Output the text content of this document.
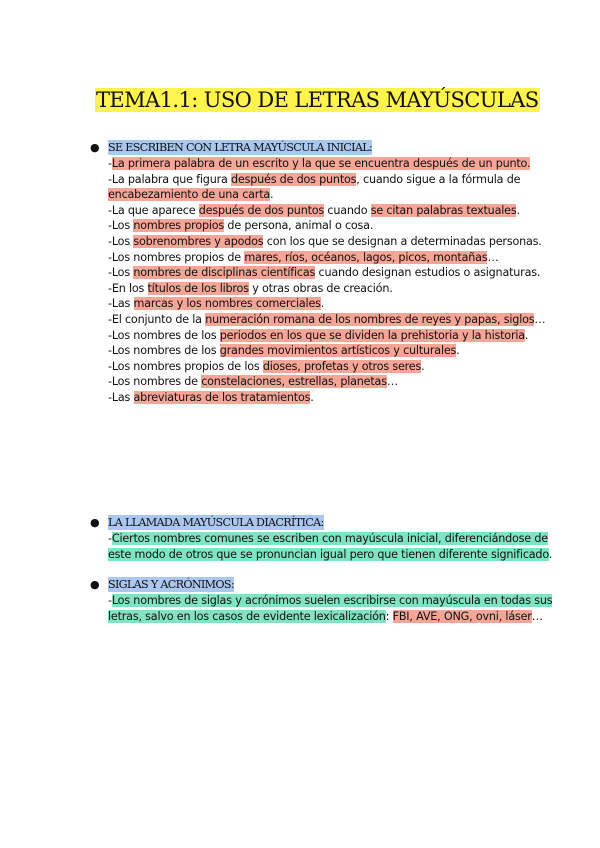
TEMA1.1: USO DE LETRAS MAYÚSCULAS
● SE ESCRIBEN CON LETRA MAYÚSCULA INICIAL:

-La primera palabra de un escrito y la que se encuentra después de un punto.

-La palabra que figura después de dos puntos, cuando sigue a la fórmula de encabezamiento de una carta.

-La que aparece después de dos puntos cuando se citan palabras textuales.

-Los nombres propios de persona, animal o cosa.

-Los sobrenombres y apodos con los que se designan a determinadas personas.

-Los nombres propios de mares, ríos, océanos, lagos, picos, montañas…

-Los nombres de disciplinas científicas cuando designan estudios o asignaturas.

-En los títulos de los libros y otras obras de creación.

-Las marcas y los nombres comerciales.

-El conjunto de la numeración romana de los nombres de reyes y papas, siglos…

-Los nombres de los periodos en los que se dividen la prehistoria y la historia.

-Los nombres de los grandes movimientos artísticos y culturales.

-Los nombres propios de los dioses, profetas y otros seres.

-Los nombres de constelaciones, estrellas, planetas…

-Las abreviaturas de los tratamientos.

● LA LLAMADA MAYÚSCULA DIACRÍTICA:

-Ciertos nombres comunes se escriben con mayúscula inicial, diferenciándose de este modo de otros que se pronuncian igual pero que tienen diferente significado.

● SIGLAS Y ACRÓNIMOS:

-Los nombres de siglas y acrónimos suelen escribirse con mayúscula en todas sus letras, salvo en los casos de evidente lexicalización: FBI, AVE, ONG, ovni, láser…
